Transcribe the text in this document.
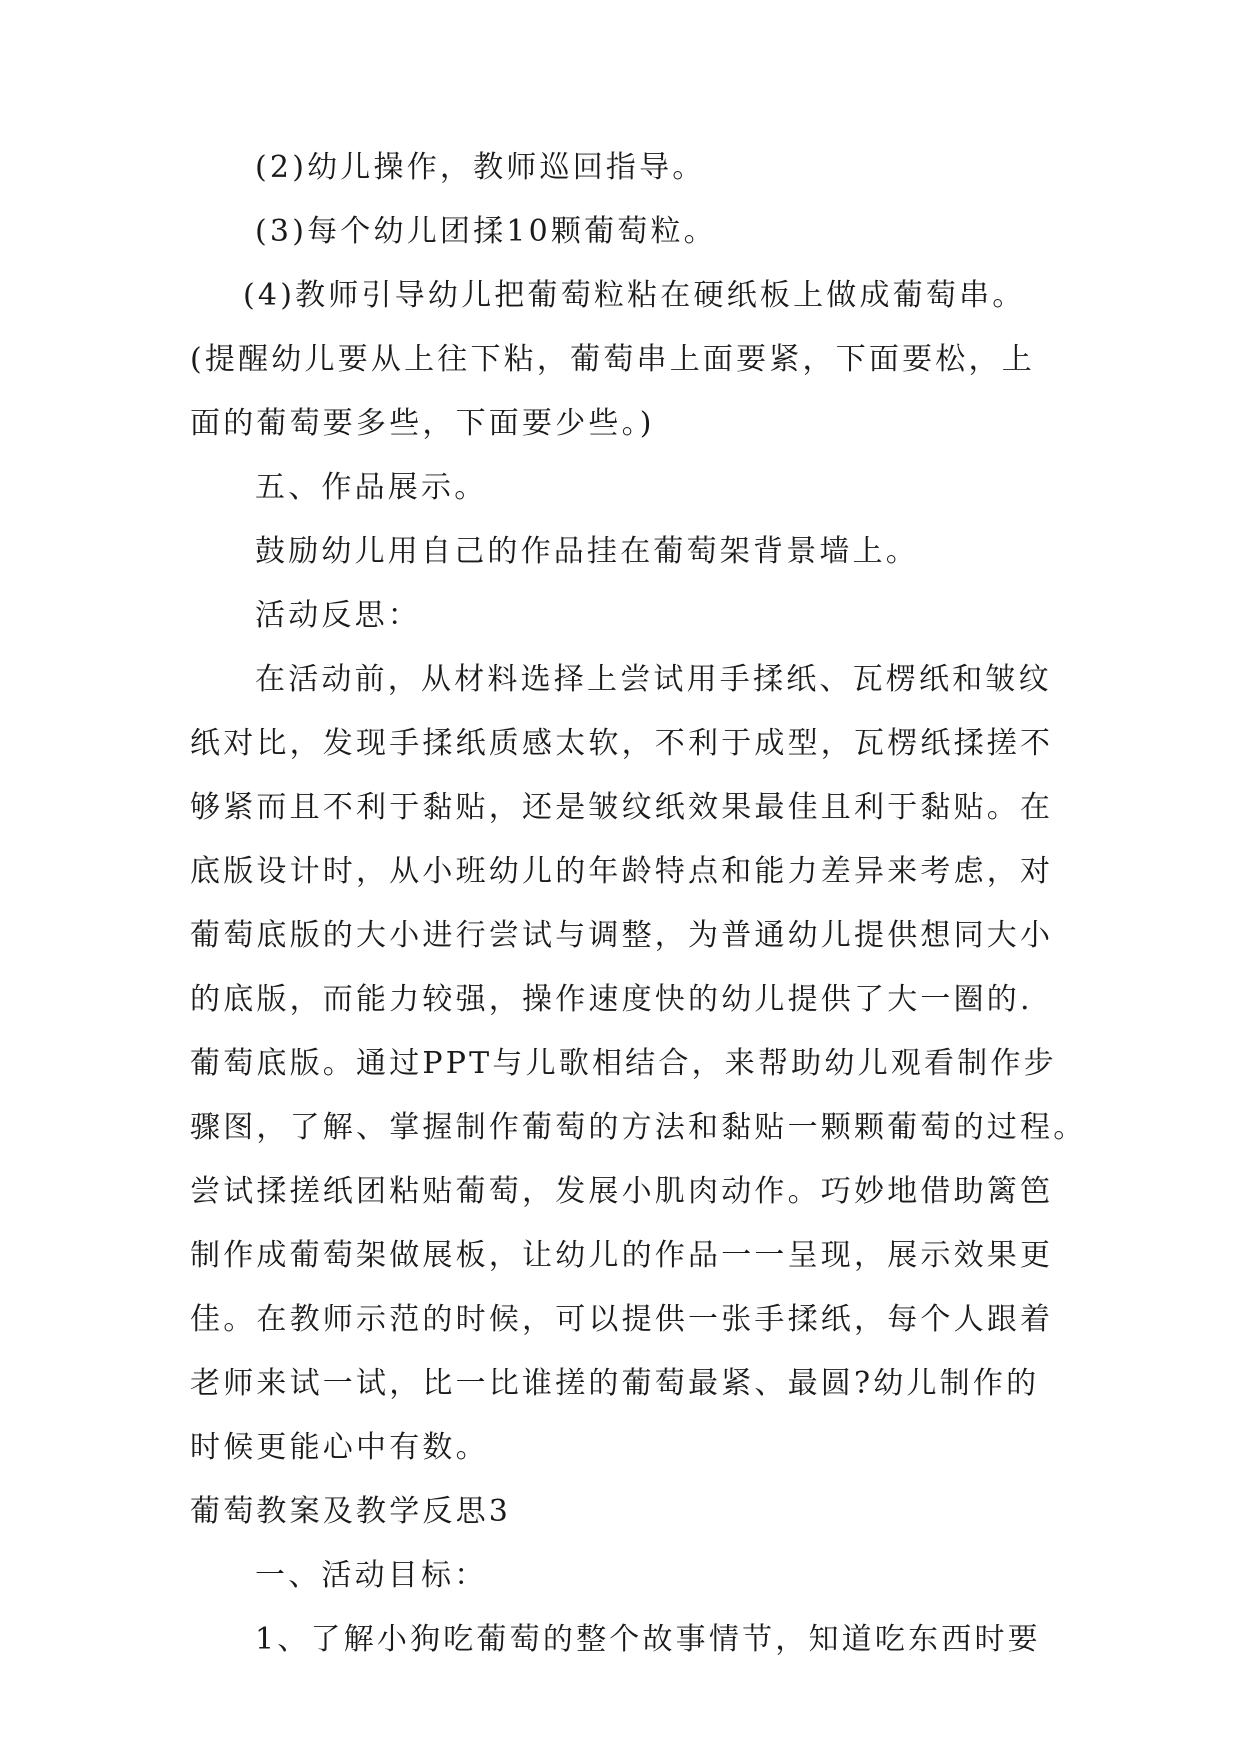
(2)幼儿操作，教师巡回指导。
(3)每个幼儿团揉10颗葡萄粒。
(4)教师引导幼儿把葡萄粒粘在硬纸板上做成葡萄串。
(提醒幼儿要从上往下粘，葡萄串上面要紧，下面要松，上
面的葡萄要多些，下面要少些。)
五、作品展示。
鼓励幼儿用自己的作品挂在葡萄架背景墙上。
活动反思：
在活动前，从材料选择上尝试用手揉纸、瓦楞纸和皱纹
纸对比，发现手揉纸质感太软，不利于成型，瓦楞纸揉搓不
够紧而且不利于黏贴，还是皱纹纸效果最佳且利于黏贴。在
底版设计时，从小班幼儿的年龄特点和能力差异来考虑，对
葡萄底版的大小进行尝试与调整，为普通幼儿提供想同大小
的底版，而能力较强，操作速度快的幼儿提供了大一圈的.
葡萄底版。通过PPT与儿歌相结合，来帮助幼儿观看制作步
骤图，了解、掌握制作葡萄的方法和黏贴一颗颗葡萄的过程。
尝试揉搓纸团粘贴葡萄，发展小肌肉动作。巧妙地借助篱笆
制作成葡萄架做展板，让幼儿的作品一一呈现，展示效果更
佳。在教师示范的时候，可以提供一张手揉纸，每个人跟着
老师来试一试，比一比谁搓的葡萄最紧、最圆?幼儿制作的
时候更能心中有数。
葡萄教案及教学反思3
一、活动目标：
1、了解小狗吃葡萄的整个故事情节，知道吃东西时要
